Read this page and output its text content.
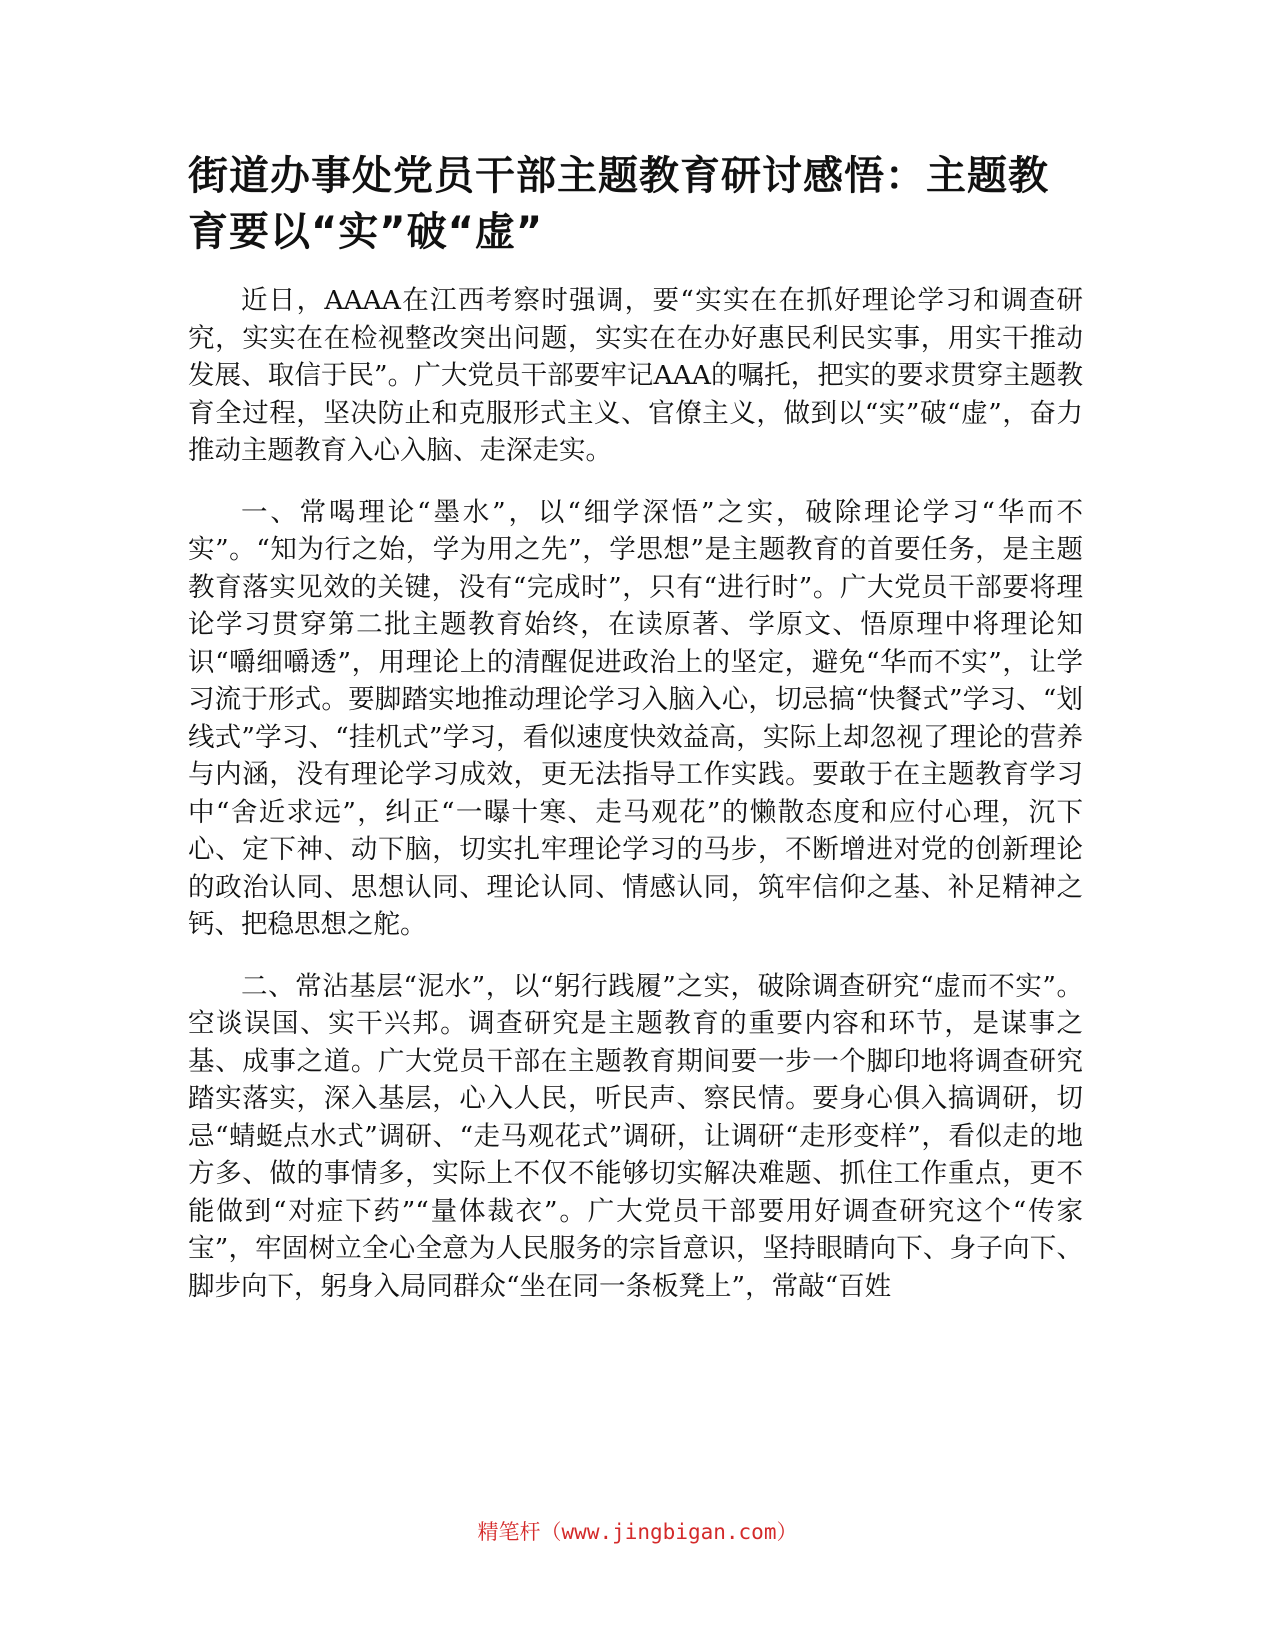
街道办事处党员干部主题教育研讨感悟：主题教育要以“实”破“虚”

近日，AAAA在江西考察时强调，要“实实在在抓好理论学习和调查研究，实实在在检视整改突出问题，实实在在办好惠民利民实事，用实干推动发展、取信于民”。广大党员干部要牢记AAA的嘱托，把实的要求贯穿主题教育全过程，坚决防止和克服形式主义、官僚主义，做到以“实”破“虚”，奋力推动主题教育入心入脑、走深走实。

一、常喝理论“墨水”，以“细学深悟”之实，破除理论学习“华而不实”。“知为行之始，学为用之先”，学思想”是主题教育的首要任务，是主题教育落实见效的关键，没有“完成时”，只有“进行时”。广大党员干部要将理论学习贯穿第二批主题教育始终，在读原著、学原文、悟原理中将理论知识“嚼细嚼透”，用理论上的清醒促进政治上的坚定，避免“华而不实”，让学习流于形式。要脚踏实地推动理论学习入脑入心，切忌搞“快餐式”学习、“划线式”学习、“挂机式”学习，看似速度快效益高，实际上却忽视了理论的营养与内涵，没有理论学习成效，更无法指导工作实践。要敢于在主题教育学习中“舍近求远”，纠正“一曝十寒、走马观花”的懒散态度和应付心理，沉下心、定下神、动下脑，切实扎牢理论学习的马步，不断增进对党的创新理论的政治认同、思想认同、理论认同、情感认同，筑牢信仰之基、补足精神之钙、把稳思想之舵。

二、常沾基层“泥水”，以“躬行践履”之实，破除调查研究“虚而不实”。空谈误国、实干兴邦。调查研究是主题教育的重要内容和环节，是谋事之基、成事之道。广大党员干部在主题教育期间要一步一个脚印地将调查研究踏实落实，深入基层，心入人民，听民声、察民情。要身心俱入搞调研，切忌“蜻蜓点水式”调研、“走马观花式”调研，让调研“走形变样”，看似走的地方多、做的事情多，实际上不仅不能够切实解决难题、抓住工作重点，更不能做到“对症下药”“量体裁衣”。广大党员干部要用好调查研究这个“传家宝”，牢固树立全心全意为人民服务的宗旨意识，坚持眼睛向下、身子向下、脚步向下，躬身入局同群众“坐在同一条板凳上”，常敲“百姓

精笔杆（www.jingbigan.com）
